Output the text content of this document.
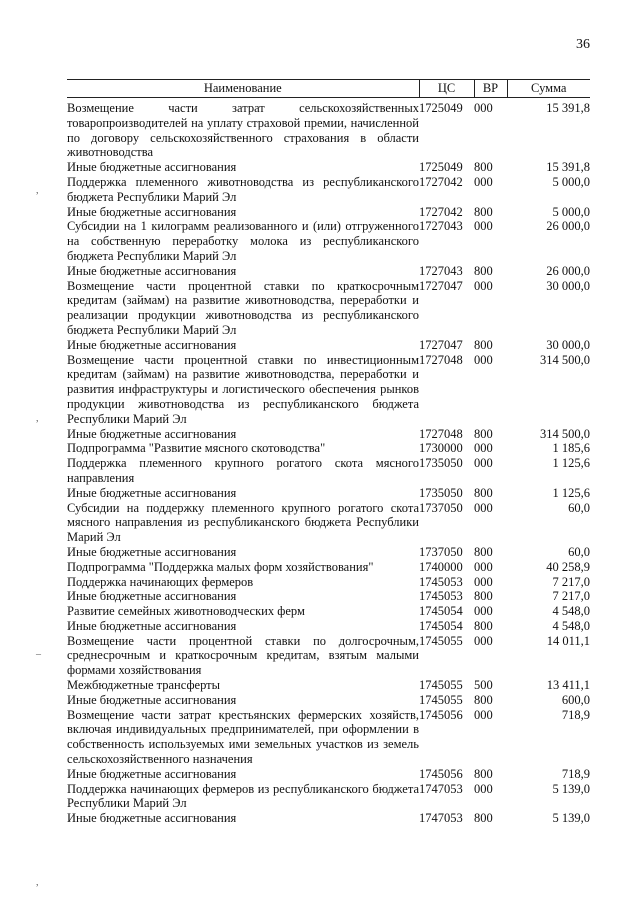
36
Наименование	ЦС	ВР	Сумма
Возмещение части затрат сельскохозяйственных товаропроизводителей на уплату страховой премии, начисленной по договору сельскохозяйственного страхования в области животноводства	1725049	000	15 391,8
Иные бюджетные ассигнования	1725049	800	15 391,8
Поддержка племенного животноводства из республиканского бюджета Республики Марий Эл	1727042	000	5 000,0
Иные бюджетные ассигнования	1727042	800	5 000,0
Субсидии на 1 килограмм реализованного и (или) отгруженного на собственную переработку молока из республиканского бюджета Республики Марий Эл	1727043	000	26 000,0
Иные бюджетные ассигнования	1727043	800	26 000,0
Возмещение части процентной ставки по краткосрочным кредитам (займам) на развитие животноводства, переработки и реализации продукции животноводства из республиканского бюджета Республики Марий Эл	1727047	000	30 000,0
Иные бюджетные ассигнования	1727047	800	30 000,0
Возмещение части процентной ставки по инвестиционным кредитам (займам) на развитие животноводства, переработки и развития инфраструктуры и логистического обеспечения рынков продукции животноводства из республиканского бюджета Республики Марий Эл	1727048	000	314 500,0
Иные бюджетные ассигнования	1727048	800	314 500,0
Подпрограмма "Развитие мясного скотоводства"	1730000	000	1 185,6
Поддержка племенного крупного рогатого скота мясного направления	1735050	000	1 125,6
Иные бюджетные ассигнования	1735050	800	1 125,6
Субсидии на поддержку племенного крупного рогатого скота мясного направления из республиканского бюджета Республики Марий Эл	1737050	000	60,0
Иные бюджетные ассигнования	1737050	800	60,0
Подпрограмма "Поддержка малых форм хозяйствования"	1740000	000	40 258,9
Поддержка начинающих фермеров	1745053	000	7 217,0
Иные бюджетные ассигнования	1745053	800	7 217,0
Развитие семейных животноводческих ферм	1745054	000	4 548,0
Иные бюджетные ассигнования	1745054	800	4 548,0
Возмещение части процентной ставки по долгосрочным, среднесрочным и краткосрочным кредитам, взятым малыми формами хозяйствования	1745055	000	14 011,1
Межбюджетные трансферты	1745055	500	13 411,1
Иные бюджетные ассигнования	1745055	800	600,0
Возмещение части затрат крестьянских фермерских хозяйств, включая индивидуальных предпринимателей, при оформлении в собственность используемых ими земельных участков из земель сельскохозяйственного назначения	1745056	000	718,9
Иные бюджетные ассигнования	1745056	800	718,9
Поддержка начинающих фермеров из республиканского бюджета Республики Марий Эл	1747053	000	5 139,0
Иные бюджетные ассигнования	1747053	800	5 139,0
,
,
–
,
